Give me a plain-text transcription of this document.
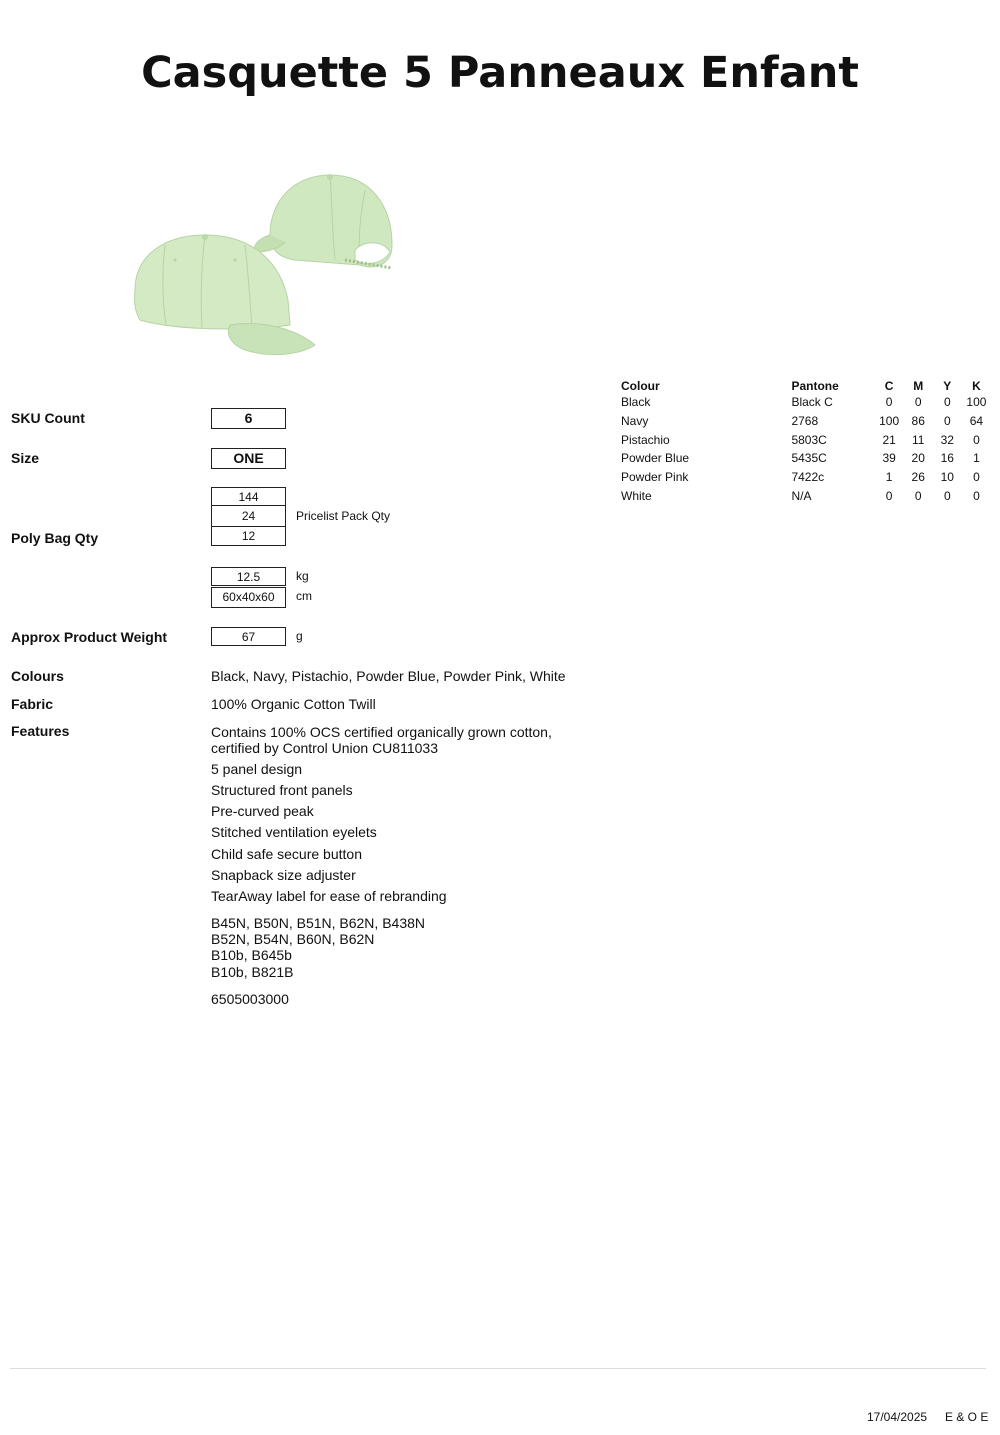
Casquette 5 Panneaux Enfant
SKU Count	6
Size	ONE
144
24	Pricelist Pack Qty
12
Poly Bag Qty
12.5	kg
60x40x60	cm
Approx Product Weight	67	g
Colours	Black, Navy, Pistachio, Powder Blue, Powder Pink, White
Fabric	100% Organic Cotton Twill
Features	Contains 100% OCS certified organically grown cotton,
certified by Control Union CU811033
5 panel design
Structured front panels
Pre-curved peak
Stitched ventilation eyelets
Child safe secure button
Snapback size adjuster
TearAway label for ease of rebranding
B45N, B50N, B51N, B62N, B438N
B52N, B54N, B60N, B62N
B10b, B645b
B10b, B821B
6505003000
Colour	Pantone	C	M	Y	K
Black	Black C	0	0	0	100
Navy	2768	100	86	0	64
Pistachio	5803C	21	11	32	0
Powder Blue	5435C	39	20	16	1
Powder Pink	7422c	1	26	10	0
White	N/A	0	0	0	0
17/04/2025 E & O E
